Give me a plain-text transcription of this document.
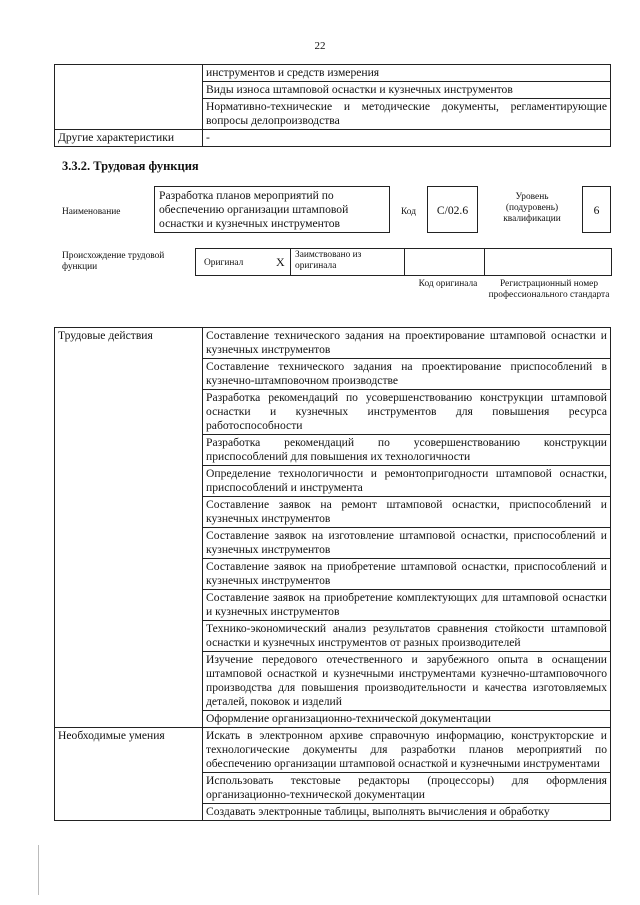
22
	инструментов и средств измерения
	Виды износа штамповой оснастки и кузнечных инструментов
	Нормативно-технические и методические документы, регламентирующие вопросы делопроизводства
Другие характеристики	-
3.3.2. Трудовая функция
Наименование
Разработка планов мероприятий по обеспечению организации штамповой оснастки и кузнечных инструментов
Код	С/02.6
Уровень (подуровень) квалификации
6
Происхождение трудовой функции	Оригинал	X Заимствовано из оригинала
Код оригинала	Регистрационный номер профессионального стандарта
Трудовые действия	Составление технического задания на проектирование штамповой оснастки и кузнечных инструментов
	Составление технического задания на проектирование приспособлений в кузнечно-штамповочном производстве
	Разработка рекомендаций по усовершенствованию конструкции штамповой оснастки и кузнечных инструментов для повышения ресурса работоспособности
	Разработка рекомендаций по усовершенствованию конструкции приспособлений для повышения их технологичности
	Определение технологичности и ремонтопригодности штамповой оснастки, приспособлений и инструмента
	Составление заявок на ремонт штамповой оснастки, приспособлений и кузнечных инструментов
	Составление заявок на изготовление штамповой оснастки, приспособлений и кузнечных инструментов
	Составление заявок на приобретение штамповой оснастки, приспособлений и кузнечных инструментов
	Составление заявок на приобретение комплектующих для штамповой оснастки и кузнечных инструментов
	Технико-экономический анализ результатов сравнения стойкости штамповой оснастки и кузнечных инструментов от разных производителей
	Изучение передового отечественного и зарубежного опыта в оснащении штамповой оснасткой и кузнечными инструментами кузнечно-штамповочного производства для повышения производительности и качества изготовляемых деталей, поковок и изделий
	Оформление организационно-технической документации
Необходимые умения	Искать в электронном архиве справочную информацию, конструкторские и технологические документы для разработки планов мероприятий по обеспечению организации штамповой оснасткой и кузнечными инструментами
	Использовать текстовые редакторы (процессоры) для оформления организационно-технической документации
	Создавать электронные таблицы, выполнять вычисления и обработку
